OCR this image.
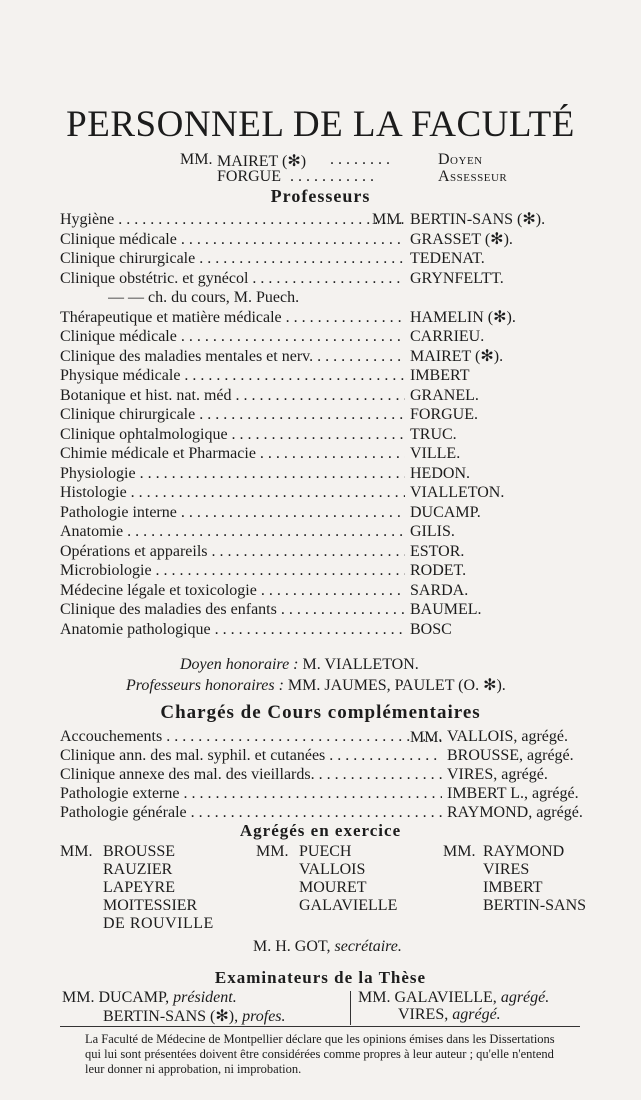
PERSONNEL DE LA FACULTÉ
MM. MAIRET (✻) . . . . . . . .	Doyen
FORGUE . . . . . . . . . . .	Assesseur
Professeurs
Hygiène . . .	BERTIN-SANS (✻).
Clinique médicale . . .	GRASSET (✻).
Clinique chirurgicale . . .	TEDENAT.
Clinique obstétric. et gynécol . . .	GRYNFELTT.
— — ch. du cours, M. Puech.
Thérapeutique et matière médicale . . .	HAMELIN (✻).
Clinique médicale . . .	CARRIEU.
Clinique des maladies mentales et nerv. . . .	MAIRET (✻).
Physique médicale . . .	IMBERT
Botanique et hist. nat. méd . . .	GRANEL.
Clinique chirurgicale . . .	FORGUE.
Clinique ophtalmologique . . .	TRUC.
Chimie médicale et Pharmacie . . .	VILLE.
Physiologie . . .	HEDON.
Histologie . . .	VIALLETON.
Pathologie interne . . .	DUCAMP.
Anatomie . . .	GILIS.
Opérations et appareils . . .	ESTOR.
Microbiologie . . .	RODET.
Médecine légale et toxicologie . . .	SARDA.
Clinique des maladies des enfants . . .	BAUMEL.
Anatomie pathologique . . .	BOSC
MM.
Doyen honoraire : M. VIALLETON.
Professeurs honoraires : MM. JAUMES, PAULET (O. ✻).
Chargés de Cours complémentaires
Accouchements . . .	VALLOIS, agrégé.
Clinique ann. des mal. syphil. et cutanées . . .	BROUSSE, agrégé.
Clinique annexe des mal. des vieillards. . . .	VIRES, agrégé.
Pathologie externe . . .	IMBERT L., agrégé.
Pathologie générale . . .	RAYMOND, agrégé.
MM.
Agrégés en exercice
MM. BROUSSE
RAUZIER
LAPEYRE
MOITESSIER
DE ROUVILLE
MM. PUECH
VALLOIS
MOURET
GALAVIELLE
MM. RAYMOND
VIRES
IMBERT
BERTIN-SANS
M. H. GOT, secrétaire.
Examinateurs de la Thèse
MM. DUCAMP, président.
BERTIN-SANS (✻), profes.
MM. GALAVIELLE, agrégé.
VIRES, agrégé.
La Faculté de Médecine de Montpellier déclare que les opinions émises dans les Dissertations qui lui sont présentées doivent être considérées comme propres à leur auteur ; qu'elle n'entend leur donner ni approbation, ni improbation.
